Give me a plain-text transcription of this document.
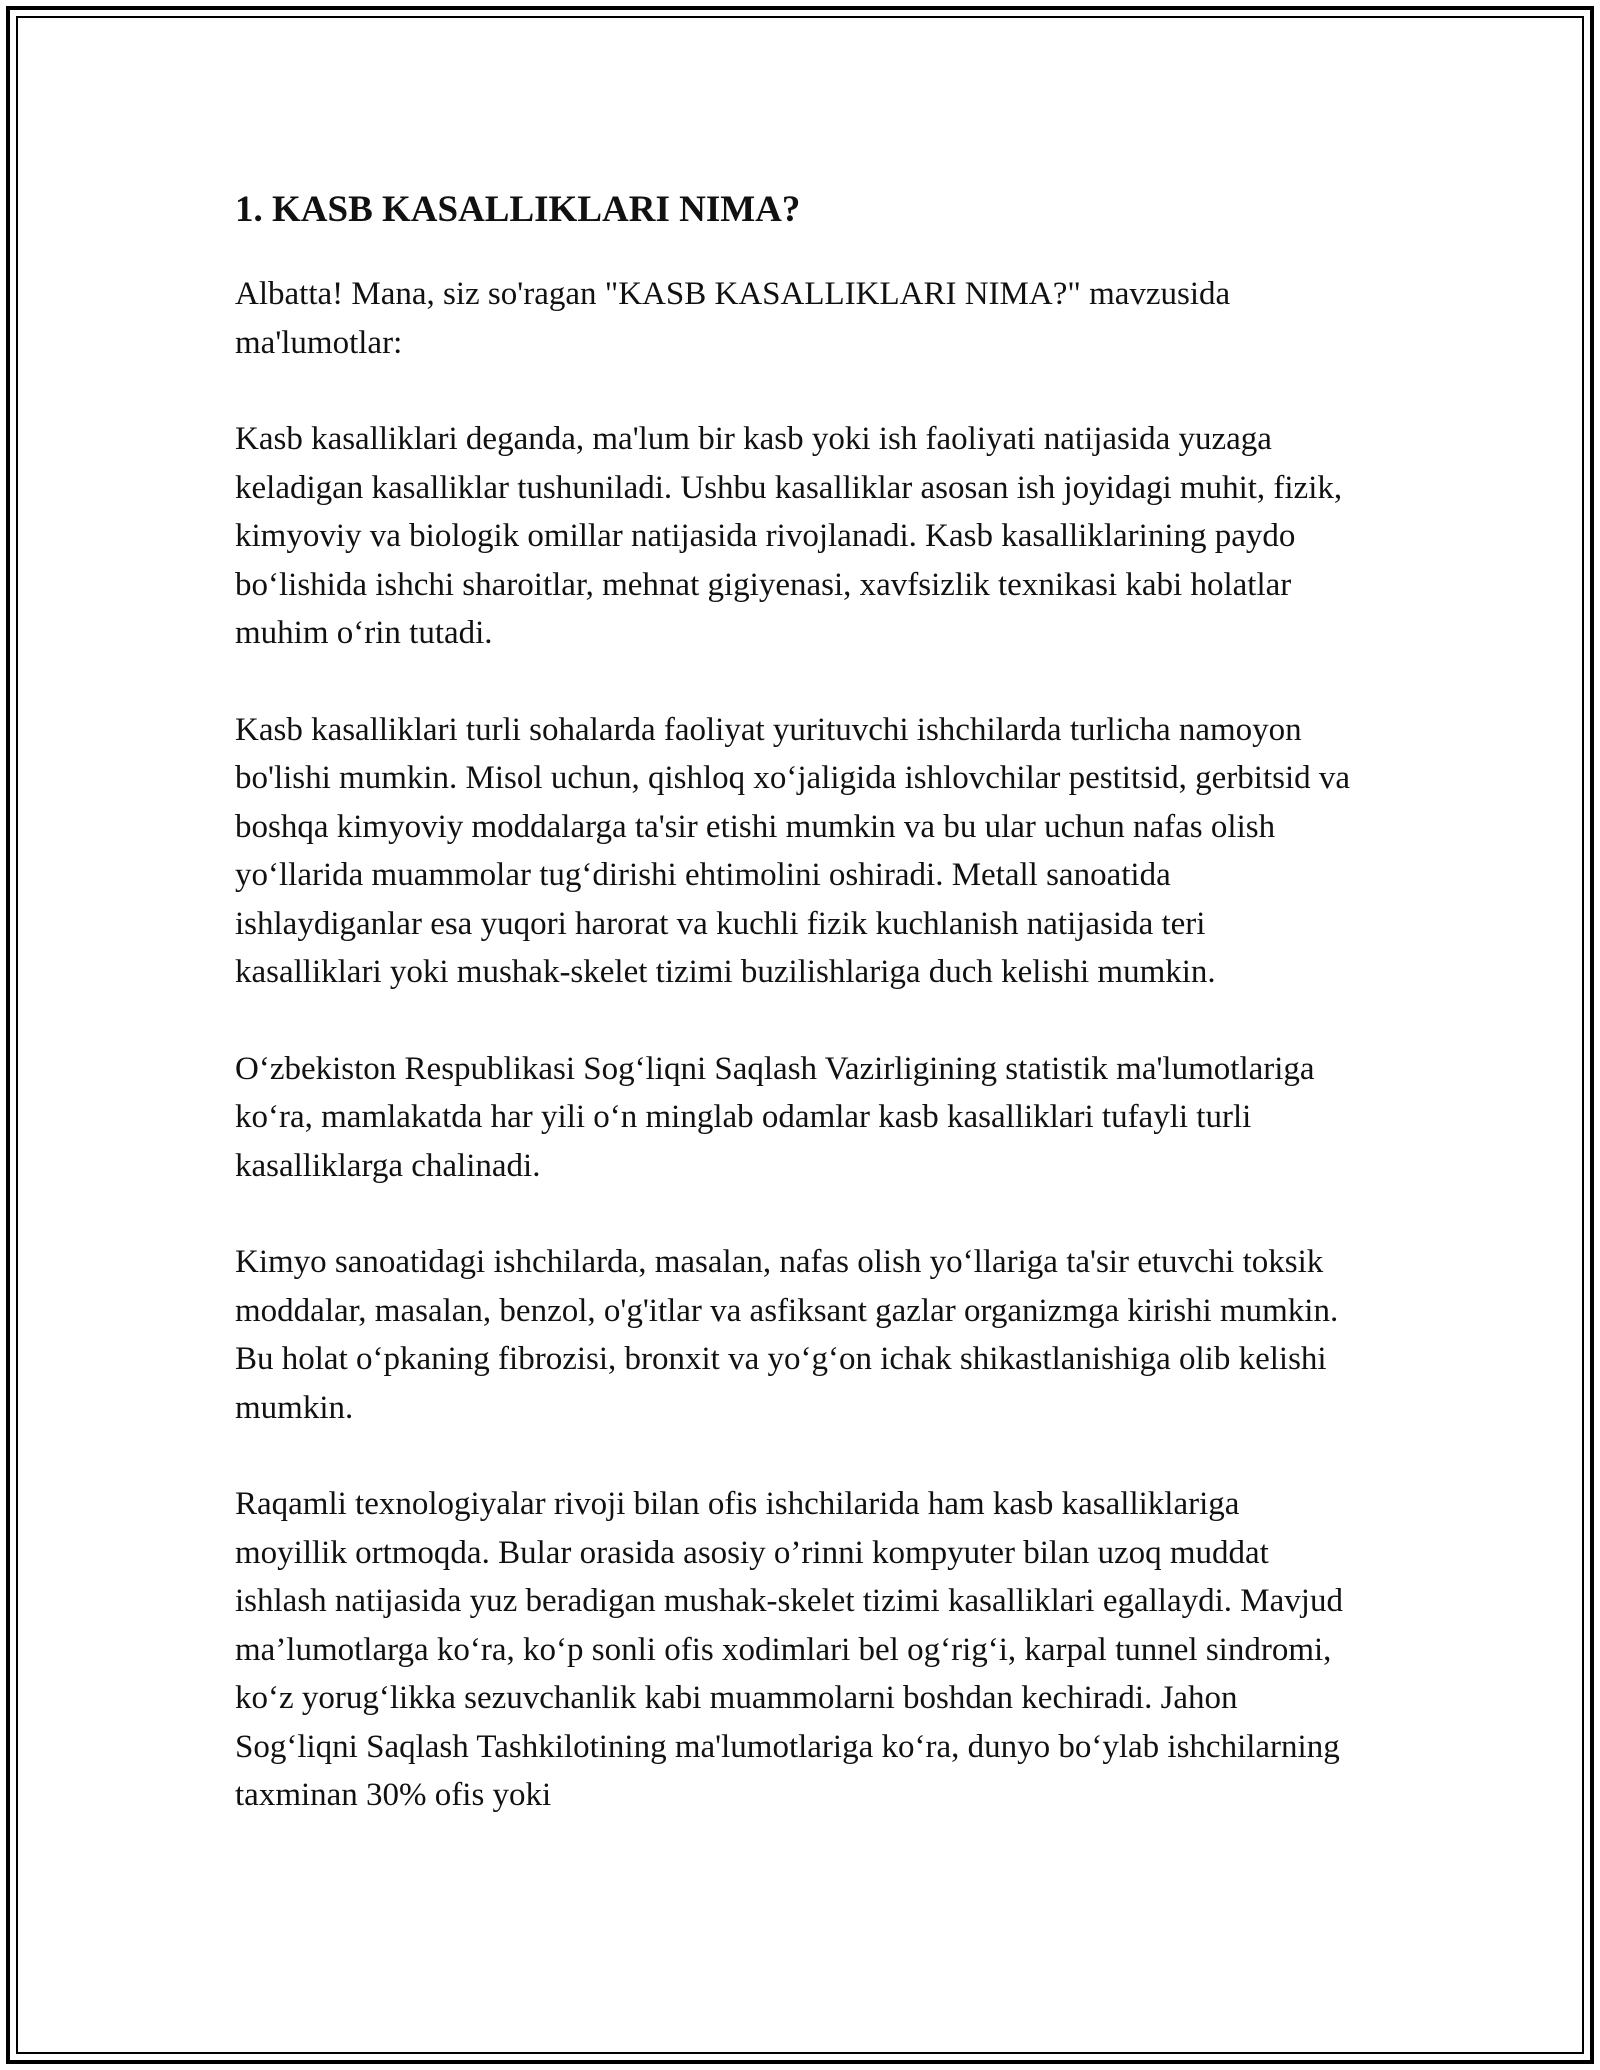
1. KASB KASALLIKLARI NIMA?

Albatta! Mana, siz so'ragan "KASB KASALLIKLARI NIMA?" mavzusida ma'lumotlar:

Kasb kasalliklari deganda, ma'lum bir kasb yoki ish faoliyati natijasida yuzaga keladigan kasalliklar tushuniladi. Ushbu kasalliklar asosan ish joyidagi muhit, fizik, kimyoviy va biologik omillar natijasida rivojlanadi. Kasb kasalliklarining paydo bo‘lishida ishchi sharoitlar, mehnat gigiyenasi, xavfsizlik texnikasi kabi holatlar muhim o‘rin tutadi.

Kasb kasalliklari turli sohalarda faoliyat yurituvchi ishchilarda turlicha namoyon bo'lishi mumkin. Misol uchun, qishloq xo‘jaligida ishlovchilar pestitsid, gerbitsid va boshqa kimyoviy moddalarga ta'sir etishi mumkin va bu ular uchun nafas olish yo‘llarida muammolar tug‘dirishi ehtimolini oshiradi. Metall sanoatida ishlaydiganlar esa yuqori harorat va kuchli fizik kuchlanish natijasida teri kasalliklari yoki mushak-skelet tizimi buzilishlariga duch kelishi mumkin.

O‘zbekiston Respublikasi Sog‘liqni Saqlash Vazirligining statistik ma'lumotlariga ko‘ra, mamlakatda har yili o‘n minglab odamlar kasb kasalliklari tufayli turli kasalliklarga chalinadi.

Kimyo sanoatidagi ishchilarda, masalan, nafas olish yo‘llariga ta'sir etuvchi toksik moddalar, masalan, benzol, o'g'itlar va asfiksant gazlar organizmga kirishi mumkin. Bu holat o‘pkaning fibrozisi, bronxit va yo‘g‘on ichak shikastlanishiga olib kelishi mumkin.

Raqamli texnologiyalar rivoji bilan ofis ishchilarida ham kasb kasalliklariga moyillik ortmoqda. Bular orasida asosiy o’rinni kompyuter bilan uzoq muddat ishlash natijasida yuz beradigan mushak-skelet tizimi kasalliklari egallaydi. Mavjud ma’lumotlarga ko‘ra, ko‘p sonli ofis xodimlari bel og‘rig‘i, karpal tunnel sindromi, ko‘z yorug‘likka sezuvchanlik kabi muammolarni boshdan kechiradi. Jahon Sog‘liqni Saqlash Tashkilotining ma'lumotlariga ko‘ra, dunyo bo‘ylab ishchilarning taxminan 30% ofis yoki
